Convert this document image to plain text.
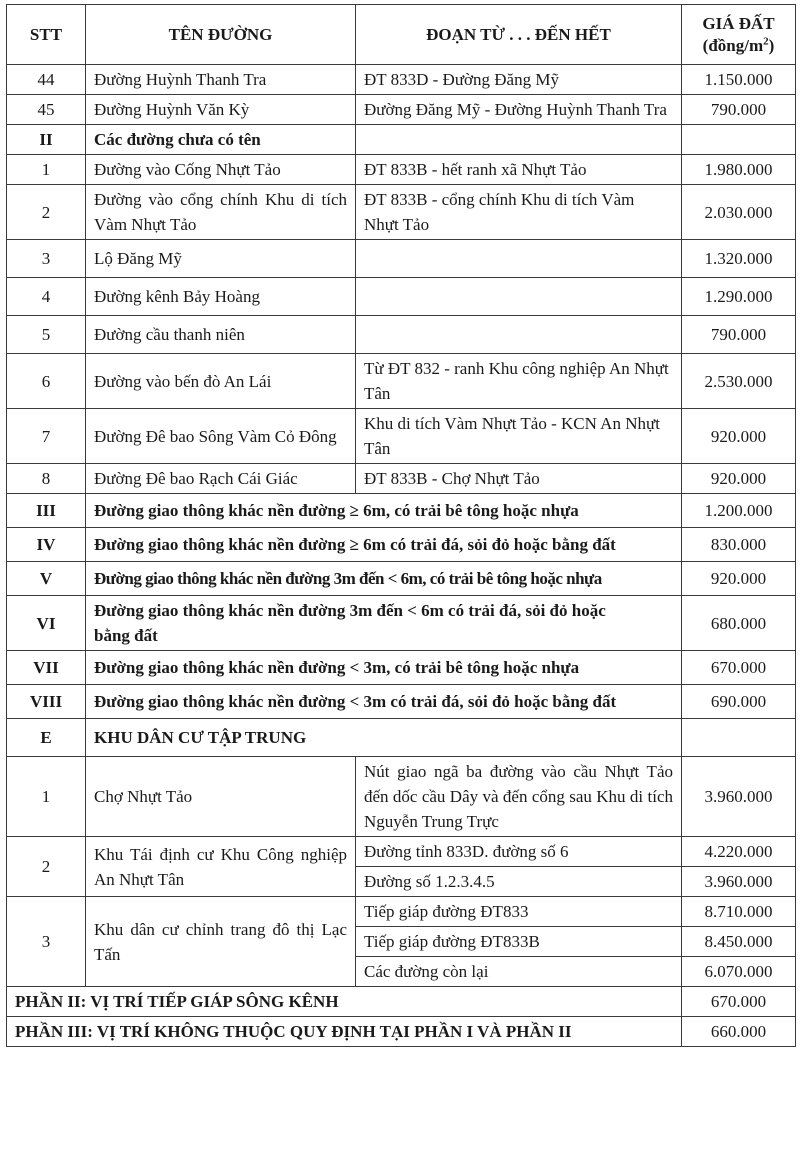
STT	TÊN ĐƯỜNG	ĐOẠN TỪ . . . ĐẾN HẾT	GIÁ ĐẤT
$(đồng/m^2)$
44	Đường Huỳnh Thanh Tra	ĐT 833D - Đường Đăng Mỹ	1.150.000
45	Đường Huỳnh Văn Kỳ	Đường Đăng Mỹ - Đường Huỳnh Thanh Tra	790.000
II	Các đường chưa có tên		
1	Đường vào Cống Nhựt Tảo	ĐT 833B - hết ranh xã Nhựt Tảo	1.980.000
2	Đường vào cổng chính Khu di tích Vàm Nhựt Tảo	ĐT 833B - cổng chính Khu di tích Vàm Nhựt Tảo	2.030.000
3	Lộ Đăng Mỹ		1.320.000
4	Đường kênh Bảy Hoàng		1.290.000
5	Đường cầu thanh niên		790.000
6	Đường vào bến đò An Lái	Từ ĐT 832 - ranh Khu công nghiệp An Nhựt Tân	2.530.000
7	Đường Đê bao Sông Vàm Cỏ Đông	Khu di tích Vàm Nhựt Tảo - KCN An Nhựt Tân	920.000
8	Đường Đê bao Rạch Cái Giác	ĐT 833B - Chợ Nhựt Tảo	920.000
III	Đường giao thông khác nền đường ≥ 6m, có trải bê tông hoặc nhựa		1.200.000
IV	Đường giao thông khác nền đường ≥ 6m có trải đá, sỏi đỏ hoặc bằng đất		830.000
V	Đường giao thông khác nền đường 3m đến < 6m, có trải bê tông hoặc nhựa		920.000
VI	Đường giao thông khác nền đường 3m đến < 6m có trải đá, sỏi đỏ hoặc bằng đất		680.000
VII	Đường giao thông khác nền đường < 3m, có trải bê tông hoặc nhựa		670.000
VIII	Đường giao thông khác nền đường < 3m có trải đá, sỏi đỏ hoặc bằng đất		690.000
E	KHU DÂN CƯ TẬP TRUNG		
1	Chợ Nhựt Tảo	Nút giao ngã ba đường vào cầu Nhựt Tảo đến dốc cầu Dây và đến cổng sau Khu di tích Nguyễn Trung Trực	3.960.000
2	Khu Tái định cư Khu Công nghiệp An Nhựt Tân	Đường tỉnh 833D. đường số 6	4.220.000
		Đường số 1.2.3.4.5	3.960.000
3	Khu dân cư chỉnh trang đô thị Lạc Tấn	Tiếp giáp đường ĐT833	8.710.000
		Tiếp giáp đường ĐT833B	8.450.000
		Các đường còn lại	6.070.000
PHẦN II: VỊ TRÍ TIẾP GIÁP SÔNG KÊNH			670.000
PHẦN III: VỊ TRÍ KHÔNG THUỘC QUY ĐỊNH TẠI PHẦN I VÀ PHẦN II			660.000
